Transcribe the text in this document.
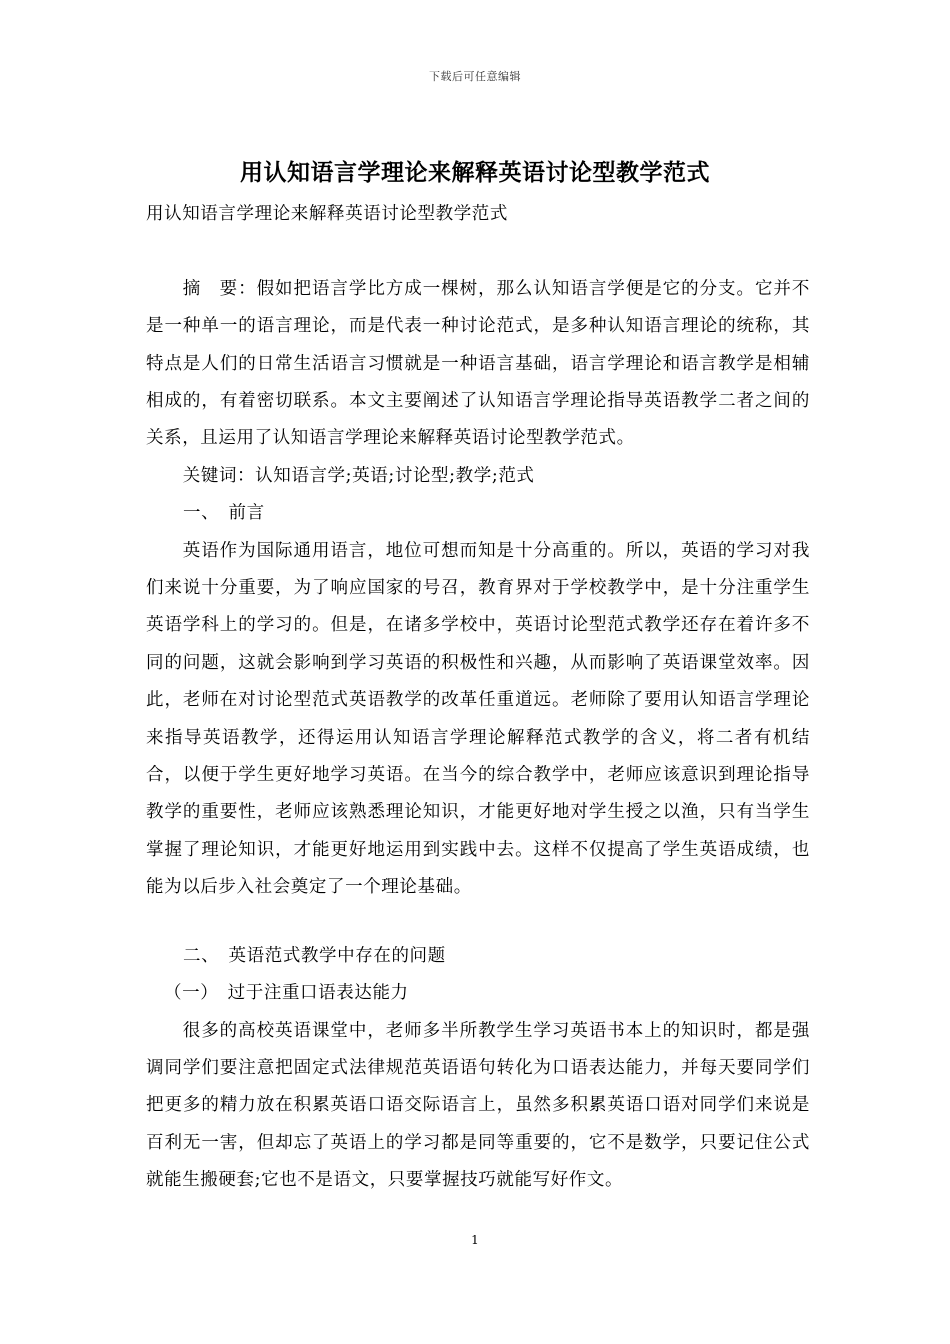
下载后可任意编辑
用认知语言学理论来解释英语讨论型教学范式

用认知语言学理论来解释英语讨论型教学范式

摘　要：假如把语言学比方成一棵树，那么认知语言学便是它的分支。它并不是一种单一的语言理论，而是代表一种讨论范式，是多种认知语言理论的统称，其特点是人们的日常生活语言习惯就是一种语言基础，语言学理论和语言教学是相辅相成的，有着密切联系。本文主要阐述了认知语言学理论指导英语教学二者之间的关系，且运用了认知语言学理论来解释英语讨论型教学范式。

关键词：认知语言学;英语;讨论型;教学;范式

一、　前言

英语作为国际通用语言，地位可想而知是十分高重的。所以，英语的学习对我们来说十分重要，为了响应国家的号召，教育界对于学校教学中，是十分注重学生英语学科上的学习的。但是，在诸多学校中，英语讨论型范式教学还存在着许多不同的问题，这就会影响到学习英语的积极性和兴趣，从而影响了英语课堂效率。因此，老师在对讨论型范式英语教学的改革任重道远。老师除了要用认知语言学理论来指导英语教学，还得运用认知语言学理论解释范式教学的含义，将二者有机结合，以便于学生更好地学习英语。在当今的综合教学中，老师应该意识到理论指导教学的重要性，老师应该熟悉理论知识，才能更好地对学生授之以渔，只有当学生掌握了理论知识，才能更好地运用到实践中去。这样不仅提高了学生英语成绩，也能为以后步入社会奠定了一个理论基础。

二、　英语范式教学中存在的问题

（一）　过于注重口语表达能力

很多的高校英语课堂中，老师多半所教学生学习英语书本上的知识时，都是强调同学们要注意把固定式法律规范英语语句转化为口语表达能力，并每天要同学们把更多的精力放在积累英语口语交际语言上，虽然多积累英语口语对同学们来说是百利无一害，但却忘了英语上的学习都是同等重要的，它不是数学，只要记住公式就能生搬硬套;它也不是语文，只要掌握技巧就能写好作文。

1
